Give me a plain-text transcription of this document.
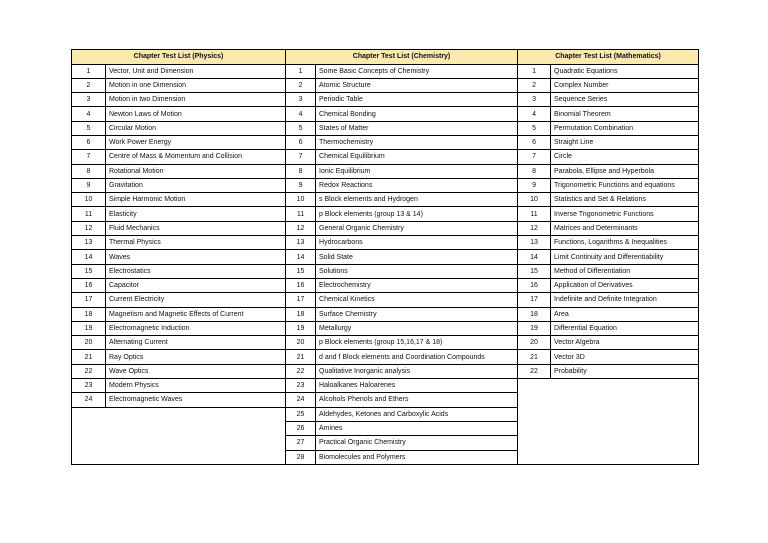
Chapter Test List (Physics)		Chapter Test List (Chemistry)		Chapter Test List (Mathematics)	
1	Vector, Unit and Dimension	1	Some Basic Concepts of Chemistry	1	Quadratic Equations
2	Motion in one Dimension	2	Atomic Structure	2	Complex Number
3	Motion in two Dimension	3	Periodic Table	3	Sequence Series
4	Newton Laws of Motion	4	Chemical Bonding	4	Binomial Theorem
5	Circular Motion	5	States of Matter	5	Permutation Combination
6	Work Power Energy	6	Thermochemistry	6	Straight Line
7	Centre of Mass & Momentum and Collision	7	Chemical Equilibrium	7	Circle
8	Rotational Motion	8	Ionic Equilibrium	8	Parabola, Ellipse and Hyperbola
9	Gravitation	9	Redox Reactions	9	Trigonometric Functions and equations
10	Simple Harmonic Motion	10	s Block elements and Hydrogen	10	Statistics and Set & Relations
11	Elasticity	11	p Block elements (group 13 & 14)	11	Inverse Trigonometric Functions
12	Fluid Mechanics	12	General Organic Chemistry	12	Matrices and Determinants
13	Thermal Physics	13	Hydrocarbons	13	Functions, Logarithms & Inequalities
14	Waves	14	Solid State	14	Limit Continuity and Differentiability
15	Electrostatics	15	Solutions	15	Method of Differentiation
16	Capacitor	16	Electrochemistry	16	Application of Derivatives
17	Current Electricity	17	Chemical Kinetics	17	Indefinite and Definite Integration
18	Magnetism and Magnetic Effects of Current	18	Surface Chemistry	18	Area
19	Electromagnetic Induction	19	Metallurgy	19	Differential Equation
20	Alternating Current	20	p Block elements (group 15,16,17 & 18)	20	Vector Algebra
21	Ray Optics	21	d and f Block elements and Coordination Compounds	21	Vector 3D
22	Wave Optics	22	Qualitative Inorganic analysis	22	Probability
23	Modern Physics	23	Haloalkanes Haloarenes		
24	Electromagnetic Waves	24	Alcohols Phenols and Ethers		
		25	Aldehydes, Ketones and Carboxylic Acids		
		26	Amines		
		27	Practical Organic Chemistry		
		28	Biomolecules and Polymers		
